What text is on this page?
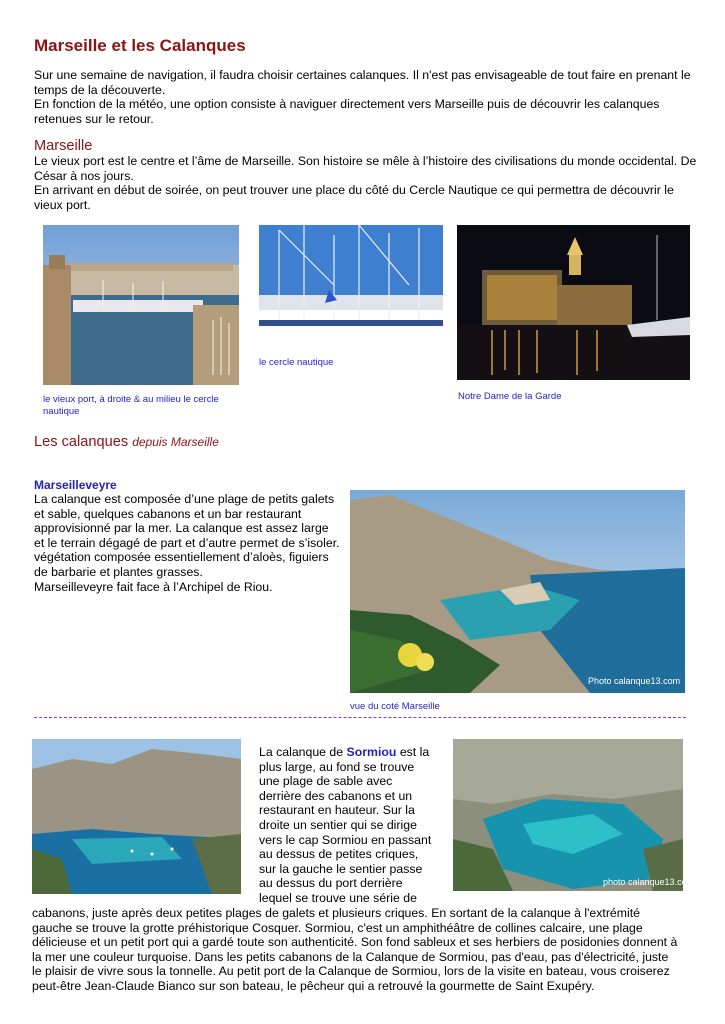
Marseille et les Calanques
Sur une semaine de navigation, il faudra choisir certaines calanques. Il n'est pas envisageable de tout faire en prenant le
temps de la découverte.
En fonction de la météo, une option consiste à naviguer directement vers Marseille puis de découvrir les calanques
retenues sur le retour.
Marseille
Le vieux port est le centre et l’âme de Marseille. Son histoire se mêle à l’histoire des civilisations du monde occidental. De
César à nos jours.
En arrivant en début de soirée, on peut trouver une place du côté du Cercle Nautique ce qui permettra de découvrir le
vieux port.
le vieux port, à droite & au milieu le cercle
nautique
le cercle nautique
Notre Dame de la Garde
Les calanques depuis Marseille
Marseilleveyre
La calanque est composée d’une plage de petits galets
et sable, quelques cabanons et un bar restaurant
approvisionné par la mer. La calanque est assez large
et le terrain dégagé de part et d’autre permet de s’isoler.
végétation composée essentiellement d’aloès, figuiers
de barbarie et plantes grasses.
Marseilleveyre fait face à l’Archipel de Riou.
Photo calanque13.com
vue du coté Marseille
photo calanque13.com
La calanque de Sormiou est la
plus large, au fond se trouve
une plage de sable avec
derrière des cabanons et un
restaurant en hauteur. Sur la
droite un sentier qui se dirige
vers le cap Sormiou en passant
au dessus de petites criques,
sur la gauche le sentier passe
au dessus du port derrière
lequel se trouve une série de
cabanons, juste après deux petites plages de galets et plusieurs criques. En sortant de la calanque à l'extrémité
gauche se trouve la grotte préhistorique Cosquer. Sormiou, c'est un amphithéâtre de collines calcaire, une plage
délicieuse et un petit port qui a gardé toute son authenticité. Son fond sableux et ses herbiers de posidonies donnent à
la mer une couleur turquoise. Dans les petits cabanons de la Calanque de Sormiou, pas d'eau, pas d'électricité, juste
le plaisir de vivre sous la tonnelle. Au petit port de la Calanque de Sormiou, lors de la visite en bateau, vous croiserez
peut-être Jean-Claude Bianco sur son bateau, le pêcheur qui a retrouvé la gourmette de Saint Exupéry.
